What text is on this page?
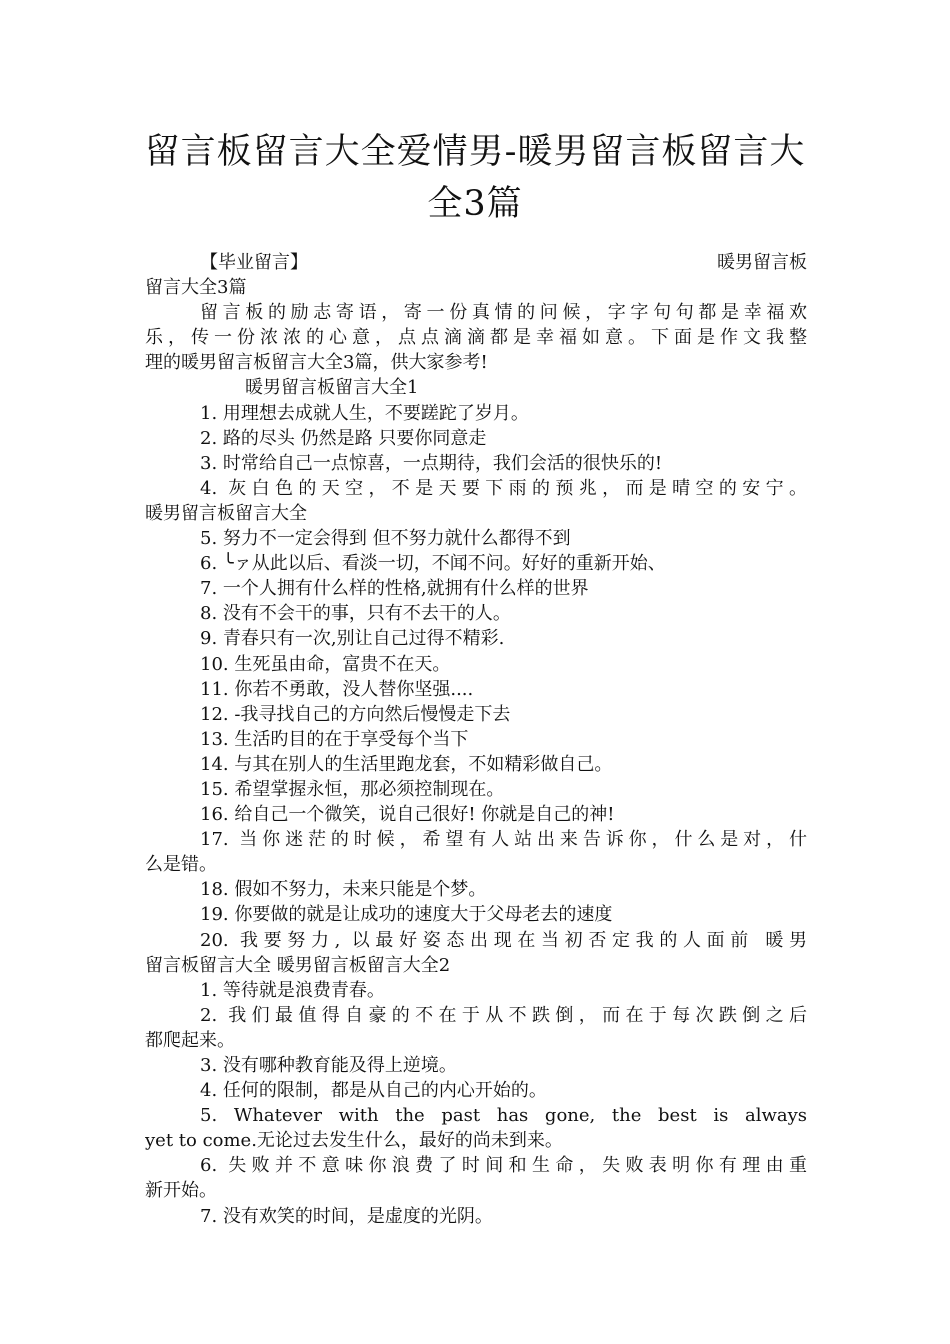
留言板留言大全爱情男-暖男留言板留言大
全3篇
【毕业留言】	暖男留言板
留言大全3篇
留言板的励志寄语，寄一份真情的问候，字字句句都是幸福欢
乐，传一份浓浓的心意，点点滴滴都是幸福如意。下面是作文我整
理的暖男留言板留言大全3篇，供大家参考!
暖男留言板留言大全1
1. 用理想去成就人生，不要蹉跎了岁月。
2. 路的尽头 仍然是路 只要你同意走
3. 时常给自己一点惊喜，一点期待，我们会活的很快乐的!
4. 灰白色的天空，不是天要下雨的预兆，而是晴空的安宁。
暖男留言板留言大全
5. 努力不一定会得到 但不努力就什么都得不到
6. ╰ァ从此以后、看淡一切，不闻不问。好好的重新开始、
7. 一个人拥有什么样的性格,就拥有什么样的世界
8. 没有不会干的事，只有不去干的人。
9. 青春只有一次,别让自己过得不精彩.
10. 生死虽由命，富贵不在天。
11. 你若不勇敢，没人替你坚强....
12. -我寻找自己的方向然后慢慢走下去
13. 生活旳目的在于享受每个当下
14. 与其在别人的生活里跑龙套，不如精彩做自己。
15. 希望掌握永恒，那必须控制现在。
16. 给自己一个微笑，说自己很好! 你就是自己的神!
17. 当你迷茫的时候，希望有人站出来告诉你，什么是对，什
么是错。
18. 假如不努力，未来只能是个梦。
19. 你要做的就是让成功的速度大于父母老去的速度
20. 我要努力, 以最好姿态出现在当初否定我的人面前 暖男
留言板留言大全 暖男留言板留言大全2
1. 等待就是浪费青春。
2. 我们最值得自豪的不在于从不跌倒，而在于每次跌倒之后
都爬起来。
3. 没有哪种教育能及得上逆境。
4. 任何的限制，都是从自己的内心开始的。
5. Whatever with the past has gone, the best is always
yet to come.无论过去发生什么，最好的尚未到来。
6. 失败并不意味你浪费了时间和生命，失败表明你有理由重
新开始。
7. 没有欢笑的时间，是虚度的光阴。
